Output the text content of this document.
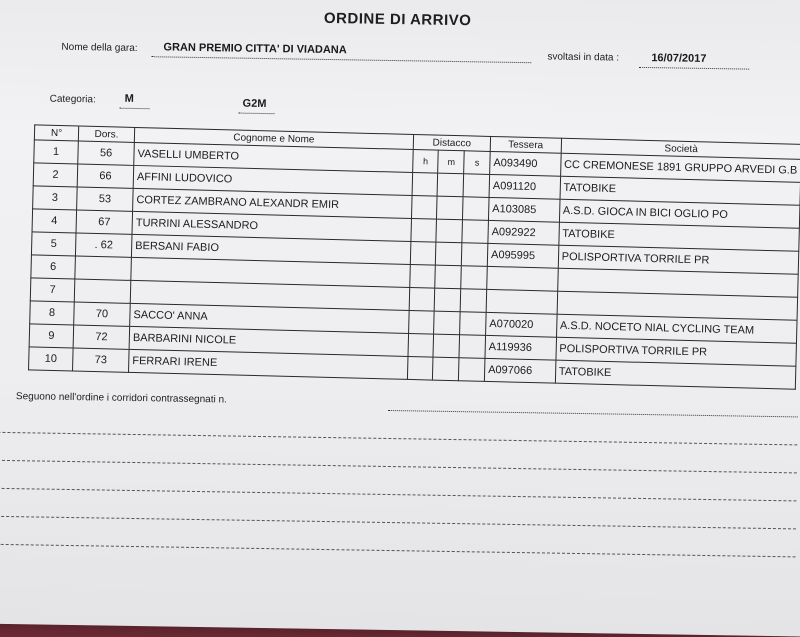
ORDINE DI ARRIVO
Nome della gara: GRAN PREMIO CITTA' DI VIADANA
svoltasi in data :	16/07/2017
Categoria:	M	G2M
N°	Dors.	Cognome e Nome	Distacco			Tessera	Società
1	56	VASELLI UMBERTO	h	m	s	A093490	CC CREMONESE 1891 GRUPPO ARVEDI G.B
2	66	AFFINI LUDOVICO				A091120	TATOBIKE
3	53	CORTEZ ZAMBRANO ALEXANDR EMIR				A103085	A.S.D. GIOCA IN BICI OGLIO PO
4	67	TURRINI ALESSANDRO				A092922	TATOBIKE
5	. 62	BERSANI FABIO				A095995	POLISPORTIVA TORRILE PR
6							
7							
8	70	SACCO' ANNA				A070020	A.S.D. NOCETO NIAL CYCLING TEAM
9	72	BARBARINI NICOLE				A119936	POLISPORTIVA TORRILE PR
10	73	FERRARI IRENE				A097066	TATOBIKE
Seguono nell'ordine i corridori contrassegnati n.
